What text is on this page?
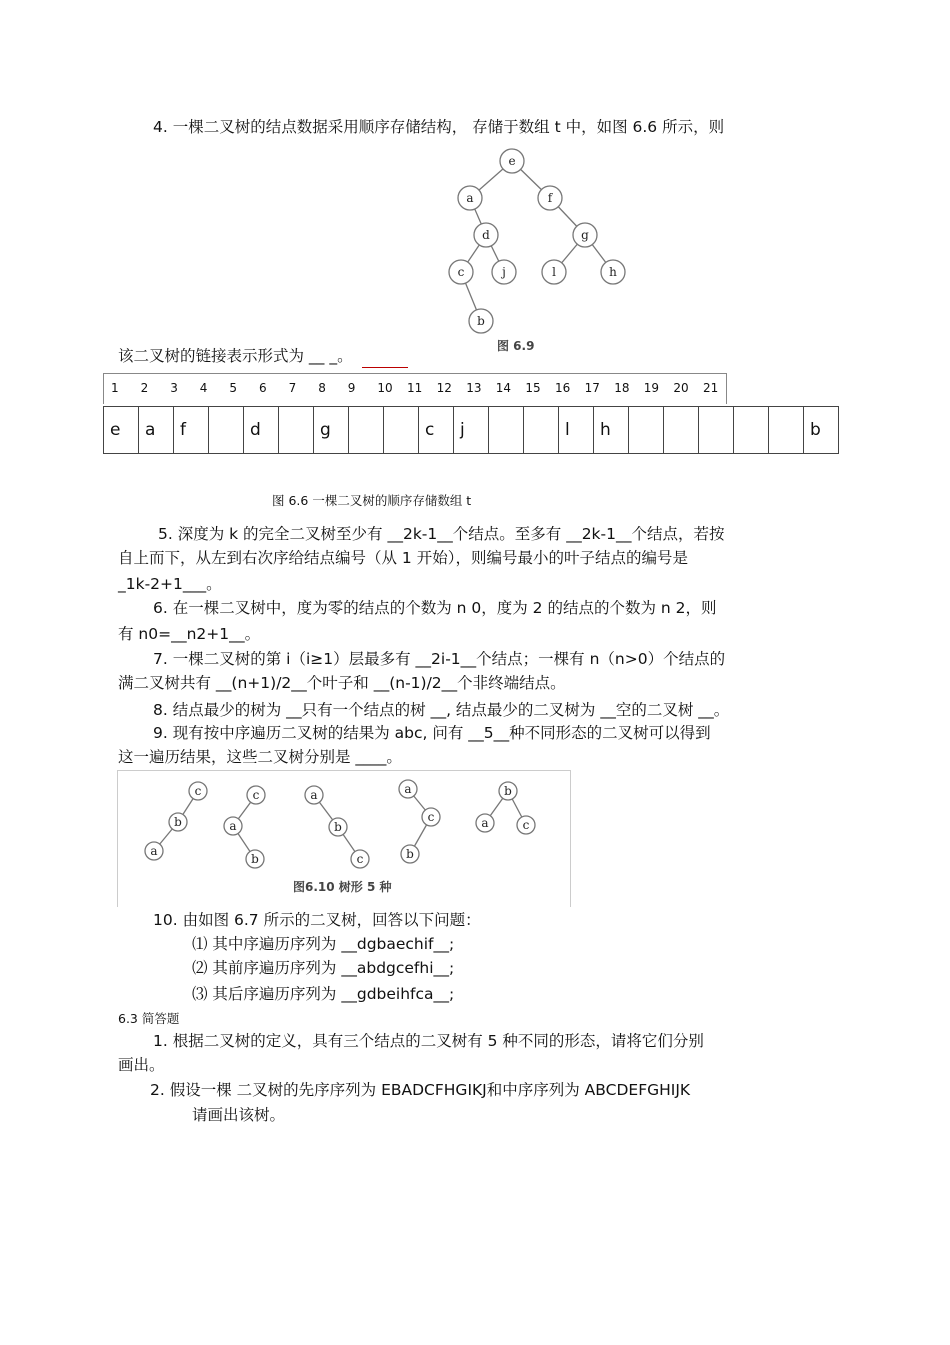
4. 一棵二叉树的结点数据采用顺序存储结构， 存储于数组 t 中，如图 6.6 所示，则
e
a	f
d	g
c	j	l	h
b
图 6.9
该二叉树的链接表示形式为 __ _。
1 2 3 4 5 6 7 8 9 10 11 12 13 14 15 16 17 18 19 20 21
e	a	f		d		g			c	j			l	h						b
图 6.6 一棵二叉树的顺序存储数组 t
5. 深度为 k 的完全二叉树至少有 __2k-1__个结点。至多有 __2k-1__个结点，若按
自上而下，从左到右次序给结点编号（从 1 开始），则编号最小的叶子结点的编号是
_1k-2+1___。
6. 在一棵二叉树中，度为零的结点的个数为 n 0，度为 2 的结点的个数为 n 2，则
有 n0=__n2+1__。
7. 一棵二叉树的第 i（i≥1）层最多有 __2i-1__个结点；一棵有 n（n>0）个结点的
满二叉树共有 __(n+1)/2__个叶子和 __(n-1)/2__个非终端结点。
8. 结点最少的树为 __只有一个结点的树 __, 结点最少的二叉树为 __空的二叉树 __。
9. 现有按中序遍历二叉树的结果为 abc, 问有 __5__种不同形态的二叉树可以得到
这一遍历结果，这些二叉树分别是 ____。
c
b
a
c
a
b
a
b
c
a
c
b
b
a	c
图6.10 树形 5 种
10. 由如图 6.7 所示的二叉树，回答以下问题：
⑴ 其中序遍历序列为 __dgbaechif__;
⑵ 其前序遍历序列为 __abdgcefhi__;
⑶ 其后序遍历序列为 __gdbeihfca__;
6.3 简答题
1. 根据二叉树的定义，具有三个结点的二叉树有 5 种不同的形态，请将它们分别
画出。
2. 假设一棵 二叉树的先序序列为 EBADCFHGIKJ和中序序列为 ABCDEFGHIJK
请画出该树。
